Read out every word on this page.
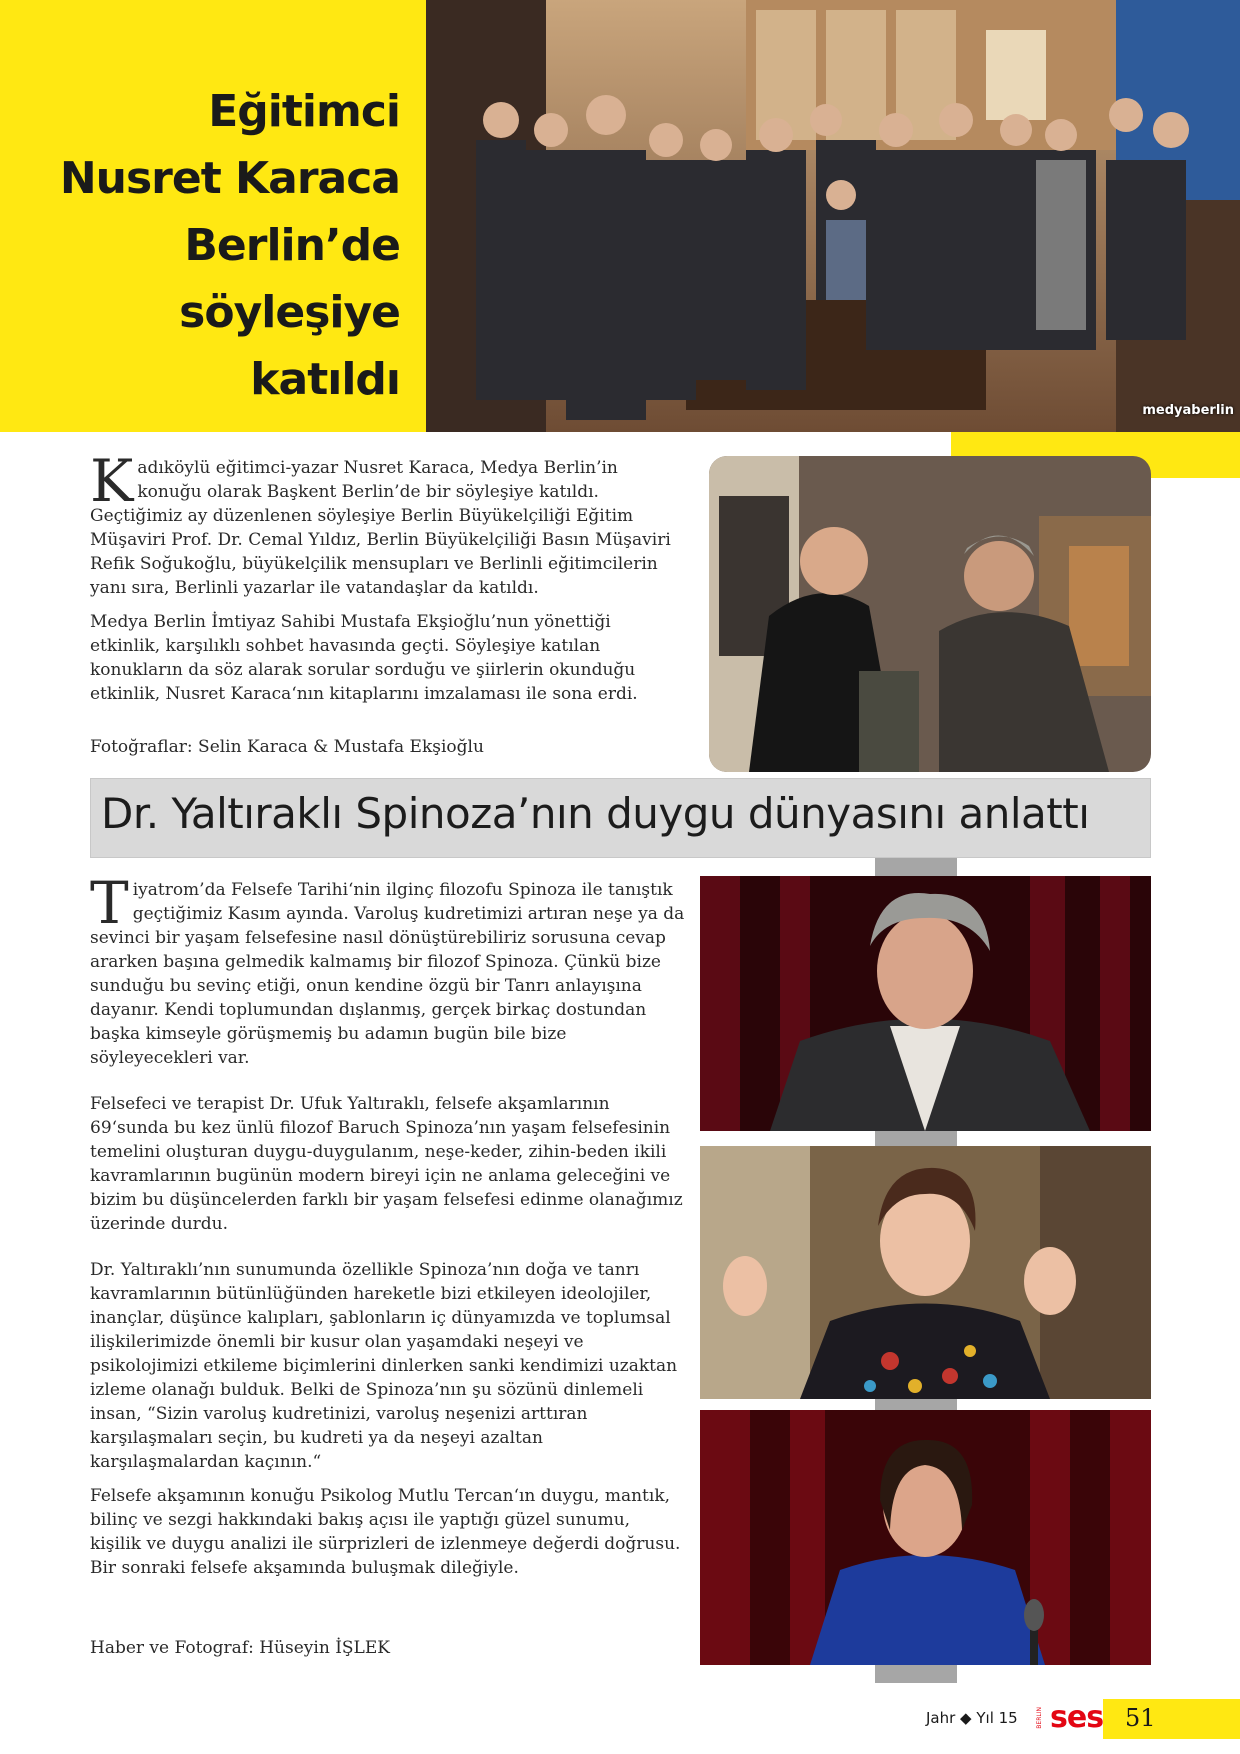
Eğitimci
Nusret Karaca
Berlin’de
söyleşiye
katıldı
medyaberlin

Kadıköylü eğitimci-yazar Nusret Karaca, Medya Berlin’in konuğu olarak Başkent Berlin’de bir söyleşiye katıldı. Geçtiğimiz ay düzenlenen söyleşiye Berlin Büyükelçiliği Eğitim Müşaviri Prof. Dr. Cemal Yıldız, Berlin Büyükelçiliği Basın Müşaviri Refik Soğukoğlu, büyükelçilik mensupları ve Berlinli eğitimcilerin yanı sıra, Berlinli yazarlar ile vatandaşlar da katıldı.

Medya Berlin İmtiyaz Sahibi Mustafa Ekşioğlu’nun yönettiği etkinlik, karşılıklı sohbet havasında geçti. Söyleşiye katılan konukların da söz alarak sorular sorduğu ve şiirlerin okunduğu etkinlik, Nusret Karaca‘nın kitaplarını imzalaması ile sona erdi.

Fotoğraflar: Selin Karaca & Mustafa Ekşioğlu
Dr. Yaltıraklı Spinoza’nın duygu dünyasını anlattı

Tiyatrom’da Felsefe Tarihi‘nin ilginç filozofu Spinoza ile tanıştık geçtiğimiz Kasım ayında. Varoluş kudretimizi artıran neşe ya da sevinci bir yaşam felsefesine nasıl dönüştürebiliriz sorusuna cevap ararken başına gelmedik kalmamış bir filozof Spinoza. Çünkü bize sunduğu bu sevinç etiği, onun kendine özgü bir Tanrı anlayışına dayanır. Kendi toplumundan dışlanmış, gerçek birkaç dostundan başka kimseyle görüşmemiş bu adamın bugün bile bize söyleyecekleri var.

Felsefeci ve terapist Dr. Ufuk Yaltıraklı, felsefe akşamlarının 69‘sunda bu kez ünlü filozof Baruch Spinoza’nın yaşam felsefesinin temelini oluşturan duygu-duygulanım, neşe-keder, zihin-beden ikili kavramlarının bugünün modern bireyi için ne anlama geleceğini ve bizim bu düşüncelerden farklı bir yaşam felsefesi edinme olanağımız üzerinde durdu.

Dr. Yaltıraklı’nın sunumunda özellikle Spinoza’nın doğa ve tanrı kavramlarının bütünlüğünden hareketle bizi etkileyen ideolojiler, inançlar, düşünce kalıpları, şablonların iç dünyamızda ve toplumsal ilişkilerimizde önemli bir kusur olan yaşamdaki neşeyi ve psikolojimizi etkileme biçimlerini dinlerken sanki kendimizi uzaktan izleme olanağı bulduk. Belki de Spinoza’nın şu sözünü dinlemeli insan, “Sizin varoluş kudretinizi, varoluş neşenizi arttıran karşılaşmaları seçin, bu kudreti ya da neşeyi azaltan karşılaşmalardan kaçının.“

Felsefe akşamının konuğu Psikolog Mutlu Tercan‘ın duygu, mantık, bilinç ve sezgi hakkındaki bakış açısı ile yaptığı güzel sunumu, kişilik ve duygu analizi ile sürprizleri de izlenmeye değerdi doğrusu. Bir sonraki felsefe akşamında buluşmak dileğiyle.

Haber ve Fotograf: Hüseyin İŞLEK
Jahr ◆ Yıl 15	BERLİN ses 51
